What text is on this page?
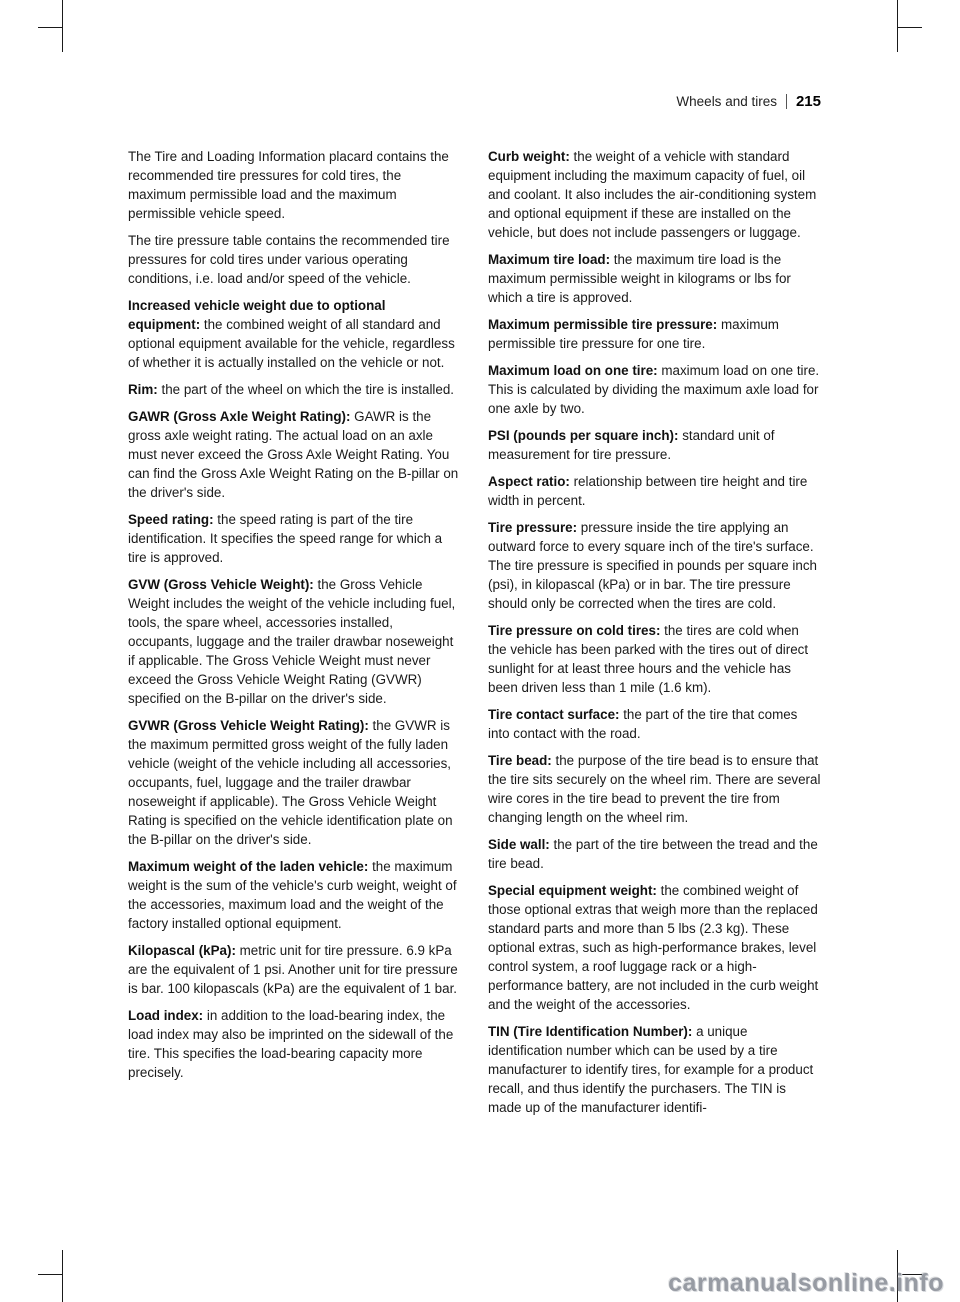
Wheels and tires 215

The Tire and Loading Information placard contains the recommended tire pressures for cold tires, the maximum permissible load and the maximum permissible vehicle speed.

The tire pressure table contains the recommended tire pressures for cold tires under various operating conditions, i.e. load and/or speed of the vehicle.

Increased vehicle weight due to optional equipment: the combined weight of all standard and optional equipment available for the vehicle, regardless of whether it is actually installed on the vehicle or not.

Rim: the part of the wheel on which the tire is installed.

GAWR (Gross Axle Weight Rating): GAWR is the gross axle weight rating. The actual load on an axle must never exceed the Gross Axle Weight Rating. You can find the Gross Axle Weight Rating on the B-pillar on the driver's side.

Speed rating: the speed rating is part of the tire identification. It specifies the speed range for which a tire is approved.

GVW (Gross Vehicle Weight): the Gross Vehicle Weight includes the weight of the vehicle including fuel, tools, the spare wheel, accessories installed, occupants, luggage and the trailer drawbar noseweight if applicable. The Gross Vehicle Weight must never exceed the Gross Vehicle Weight Rating (GVWR) specified on the B-pillar on the driver's side.

GVWR (Gross Vehicle Weight Rating): the GVWR is the maximum permitted gross weight of the fully laden vehicle (weight of the vehicle including all accessories, occupants, fuel, luggage and the trailer drawbar noseweight if applicable). The Gross Vehicle Weight Rating is specified on the vehicle identification plate on the B-pillar on the driver's side.

Maximum weight of the laden vehicle: the maximum weight is the sum of the vehicle's curb weight, weight of the accessories, maximum load and the weight of the factory installed optional equipment.

Kilopascal (kPa): metric unit for tire pressure. 6.9 kPa are the equivalent of 1 psi. Another unit for tire pressure is bar. 100 kilopascals (kPa) are the equivalent of 1 bar.

Load index: in addition to the load-bearing index, the load index may also be imprinted on the sidewall of the tire. This specifies the load-bearing capacity more precisely.

Curb weight: the weight of a vehicle with standard equipment including the maximum capacity of fuel, oil and coolant. It also includes the air-conditioning system and optional equipment if these are installed on the vehicle, but does not include passengers or luggage.

Maximum tire load: the maximum tire load is the maximum permissible weight in kilograms or lbs for which a tire is approved.

Maximum permissible tire pressure: maximum permissible tire pressure for one tire.

Maximum load on one tire: maximum load on one tire. This is calculated by dividing the maximum axle load for one axle by two.

PSI (pounds per square inch): standard unit of measurement for tire pressure.

Aspect ratio: relationship between tire height and tire width in percent.

Tire pressure: pressure inside the tire applying an outward force to every square inch of the tire's surface. The tire pressure is specified in pounds per square inch (psi), in kilopascal (kPa) or in bar. The tire pressure should only be corrected when the tires are cold.

Tire pressure on cold tires: the tires are cold when the vehicle has been parked with the tires out of direct sunlight for at least three hours and the vehicle has been driven less than 1 mile (1.6 km).

Tire contact surface: the part of the tire that comes into contact with the road.

Tire bead: the purpose of the tire bead is to ensure that the tire sits securely on the wheel rim. There are several wire cores in the tire bead to prevent the tire from changing length on the wheel rim.

Side wall: the part of the tire between the tread and the tire bead.

Special equipment weight: the combined weight of those optional extras that weigh more than the replaced standard parts and more than 5 lbs (2.3 kg). These optional extras, such as high-performance brakes, level control system, a roof luggage rack or a high-performance battery, are not included in the curb weight and the weight of the accessories.

TIN (Tire Identification Number): a unique identification number which can be used by a tire manufacturer to identify tires, for example for a product recall, and thus identify the purchasers. The TIN is made up of the manufacturer identifi-

carmanualsonline.info
